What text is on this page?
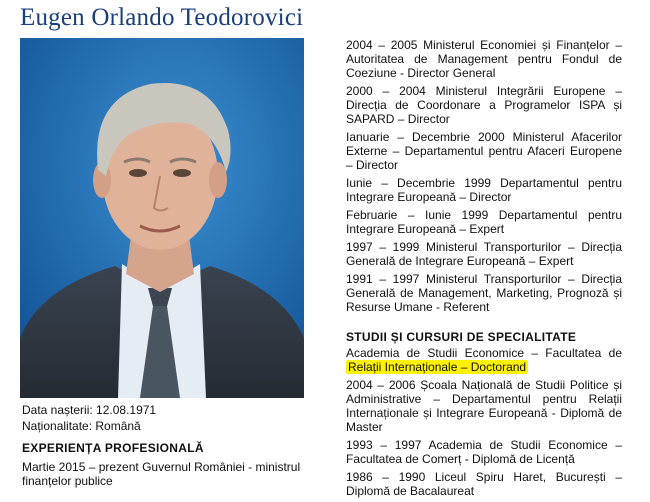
Eugen Orlando Teodorovici
Data nașterii: 12.08.1971
Naționalitate: Română
EXPERIENȚA PROFESIONALĂ
Martie 2015 – prezent Guvernul României - ministrul finanțelor publice
2004 – 2005 Ministerul Economiei și Finanțelor – Autoritatea de Management pentru Fondul de Coeziune - Director General
2000 – 2004 Ministerul Integrării Europene – Direcția de Coordonare a Programelor ISPA și SAPARD – Director
Ianuarie – Decembrie 2000 Ministerul Afacerilor Externe – Departamentul pentru Afaceri Europene – Director
Iunie – Decembrie 1999 Departamentul pentru Integrare Europeană – Director
Februarie – Iunie 1999 Departamentul pentru Integrare Europeană – Expert
1997 – 1999 Ministerul Transporturilor – Direcția Generală de Integrare Europeană – Expert
1991 – 1997 Ministerul Transporturilor – Direcția Generală de Management, Marketing, Prognoză și Resurse Umane - Referent
STUDII ȘI CURSURI DE SPECIALITATE
Academia de Studii Economice – Facultatea de Relații Internaționale – Doctorand
2004 – 2006 Școala Națională de Studii Politice și Administrative – Departamentul pentru Relații Internaționale și Integrare Europeană - Diplomă de Master
1993 – 1997 Academia de Studii Economice – Facultatea de Comerț - Diplomă de Licență
1986 – 1990 Liceul Spiru Haret, București – Diplomă de Bacalaureat
